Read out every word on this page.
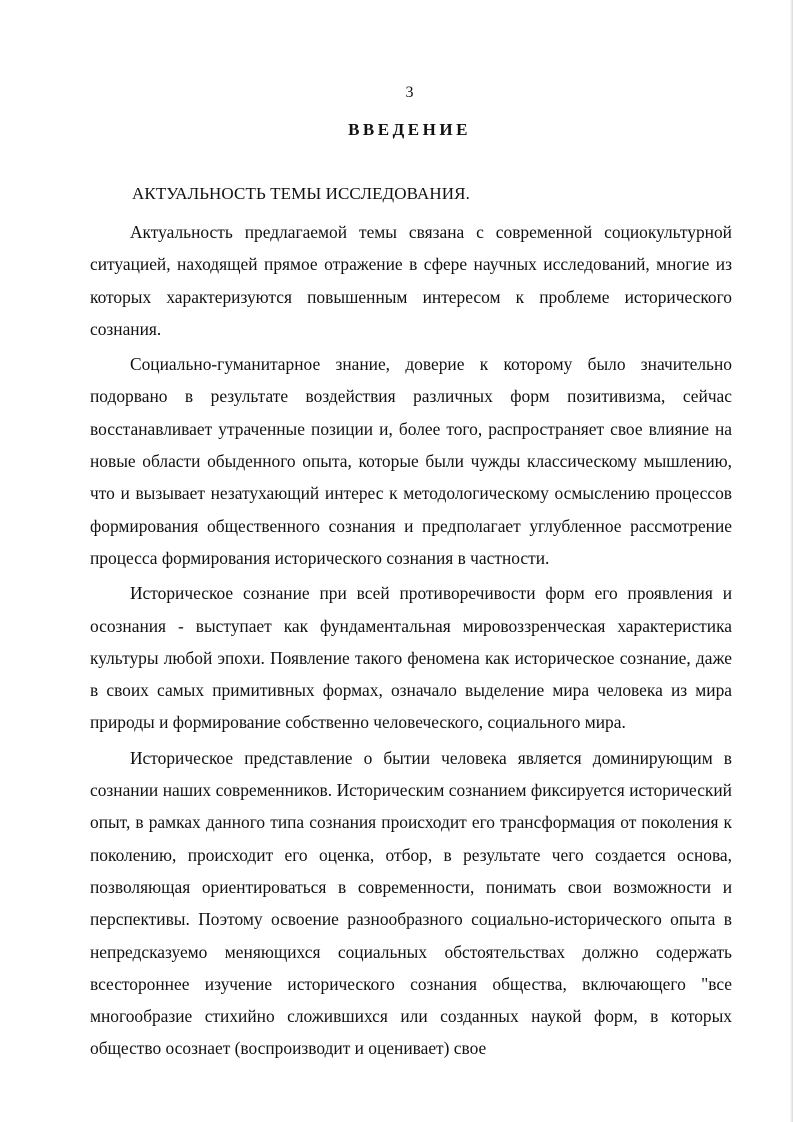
3
ВВЕДЕНИЕ
АКТУАЛЬНОСТЬ ТЕМЫ ИССЛЕДОВАНИЯ.

Актуальность предлагаемой темы связана с современной социокультурной ситуацией, находящей прямое отражение в сфере научных исследований, многие из которых характеризуются повышенным интересом к проблеме исторического сознания.

Социально-гуманитарное знание, доверие к которому было значительно подорвано в результате воздействия различных форм позитивизма, сейчас восстанавливает утраченные позиции и, более того, распространяет свое влияние на новые области обыденного опыта, которые были чужды классическому мышлению, что и вызывает незатухающий интерес к методологическому осмыслению процессов формирования общественного сознания и предполагает углубленное рассмотрение процесса формирования исторического сознания в частности.

Историческое сознание при всей противоречивости форм его проявления и осознания - выступает как фундаментальная мировоззренческая характеристика культуры любой эпохи. Появление такого феномена как историческое сознание, даже в своих самых примитивных формах, означало выделение мира человека из мира природы и формирование собственно человеческого, социального мира.

Историческое представление о бытии человека является доминирующим в сознании наших современников. Историческим сознанием фиксируется исторический опыт, в рамках данного типа сознания происходит его трансформация от поколения к поколению, происходит его оценка, отбор, в результате чего создается основа, позволяющая ориентироваться в современности, понимать свои возможности и перспективы. Поэтому освоение разнообразного социально-исторического опыта в непредсказуемо меняющихся социальных обстоятельствах должно содержать всестороннее изучение исторического сознания общества, включающего "все многообразие стихийно сложившихся или созданных наукой форм, в которых общество осознает (воспроизводит и оценивает) свое
